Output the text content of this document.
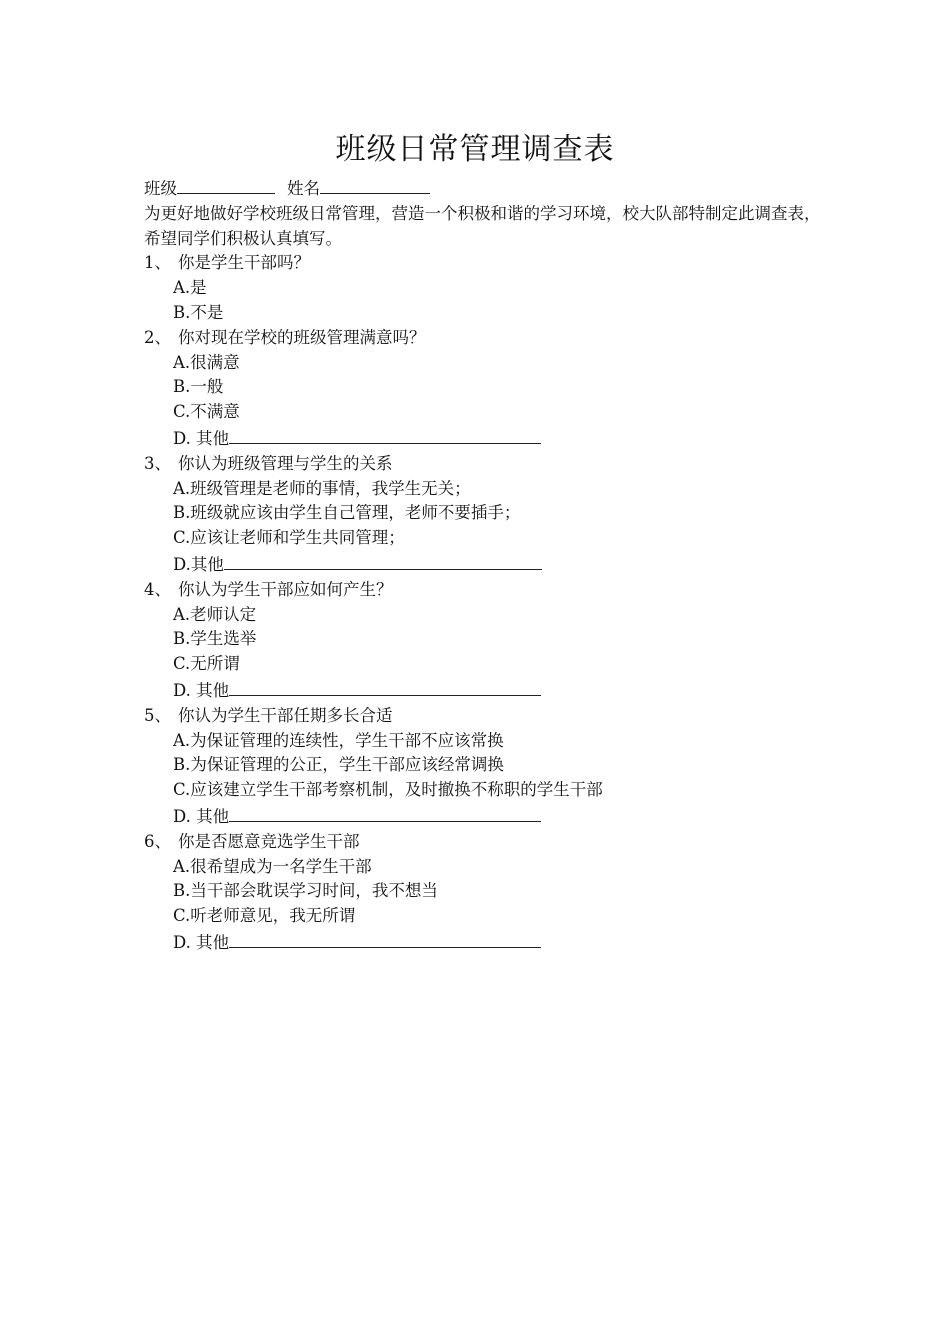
班级日常管理调查表
班级	姓名
为更好地做好学校班级日常管理，营造一个积极和谐的学习环境，校大队部特制定此调查表，希望同学们积极认真填写。
1、 你是学生干部吗？
A.是
B.不是
2、 你对现在学校的班级管理满意吗？
A.很满意
B.一般
C.不满意
D. 其他
3、 你认为班级管理与学生的关系
A.班级管理是老师的事情，我学生无关；
B.班级就应该由学生自己管理，老师不要插手；
C.应该让老师和学生共同管理；
D.其他
4、 你认为学生干部应如何产生？
A.老师认定
B.学生选举
C.无所谓
D. 其他
5、 你认为学生干部任期多长合适
A.为保证管理的连续性，学生干部不应该常换
B.为保证管理的公正，学生干部应该经常调换
C.应该建立学生干部考察机制，及时撤换不称职的学生干部
D. 其他
6、 你是否愿意竞选学生干部
A.很希望成为一名学生干部
B.当干部会耽误学习时间，我不想当
C.听老师意见，我无所谓
D. 其他
